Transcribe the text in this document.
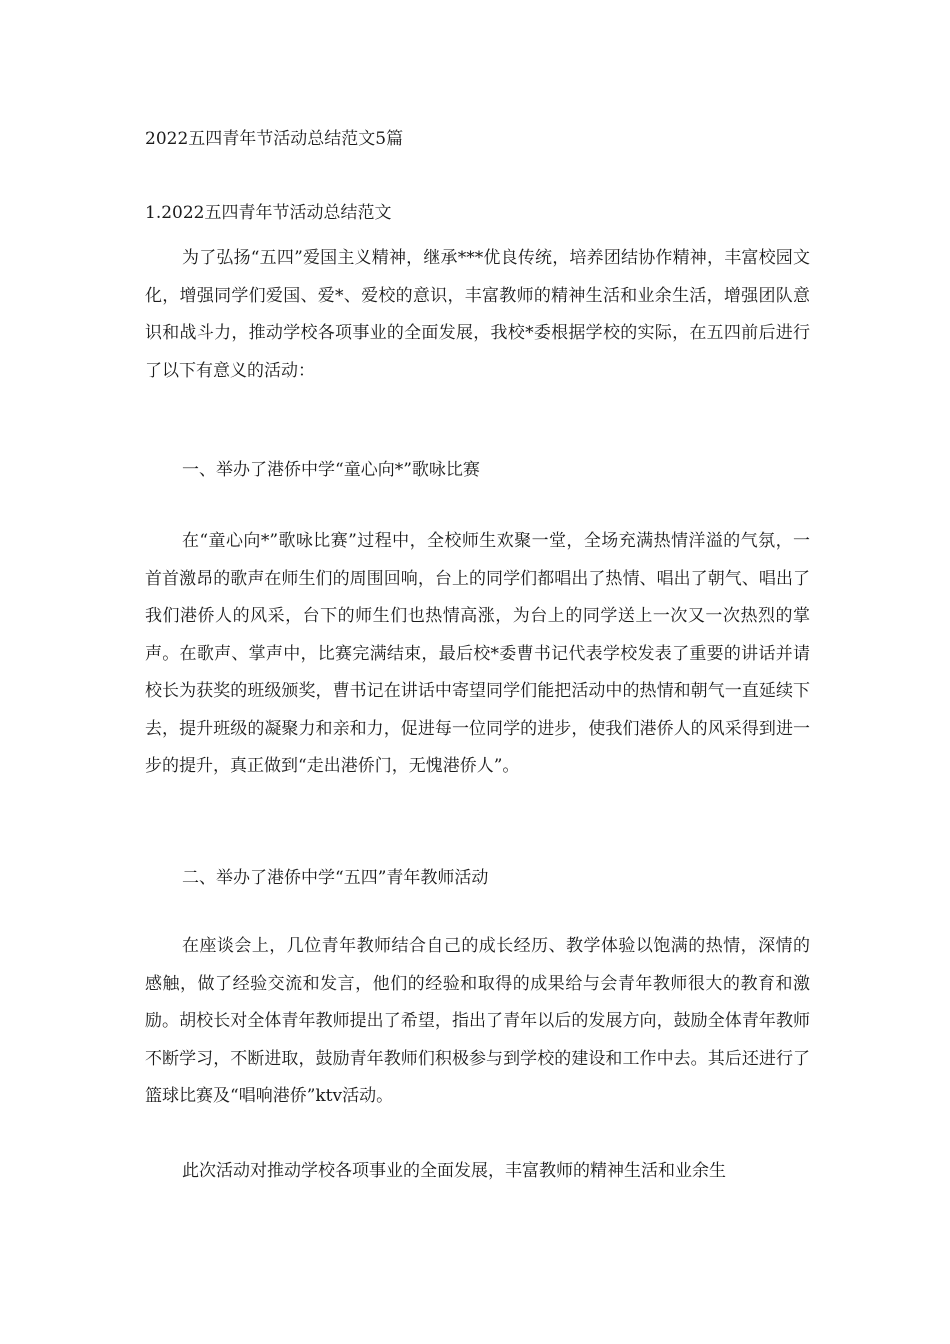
2022五四青年节活动总结范文5篇
1.2022五四青年节活动总结范文

为了弘扬“五四”爱国主义精神，继承***优良传统，培养团结协作精神，丰富校园文化，增强同学们爱国、爱*、爱校的意识，丰富教师的精神生活和业余生活，增强团队意识和战斗力，推动学校各项事业的全面发展，我校*委根据学校的实际，在五四前后进行了以下有意义的活动：

一、举办了港侨中学“童心向*”歌咏比赛

在“童心向*”歌咏比赛”过程中，全校师生欢聚一堂，全场充满热情洋溢的气氛，一首首激昂的歌声在师生们的周围回响，台上的同学们都唱出了热情、唱出了朝气、唱出了我们港侨人的风采，台下的师生们也热情高涨，为台上的同学送上一次又一次热烈的掌声。在歌声、掌声中，比赛完满结束，最后校*委曹书记代表学校发表了重要的讲话并请校长为获奖的班级颁奖，曹书记在讲话中寄望同学们能把活动中的热情和朝气一直延续下去，提升班级的凝聚力和亲和力，促进每一位同学的进步，使我们港侨人的风采得到进一步的提升，真正做到“走出港侨门，无愧港侨人”。

二、举办了港侨中学“五四”青年教师活动

在座谈会上，几位青年教师结合自己的成长经历、教学体验以饱满的热情，深情的感触，做了经验交流和发言，他们的经验和取得的成果给与会青年教师很大的教育和激励。胡校长对全体青年教师提出了希望，指出了青年以后的发展方向，鼓励全体青年教师不断学习，不断进取，鼓励青年教师们积极参与到学校的建设和工作中去。其后还进行了篮球比赛及“唱响港侨”ktv活动。

此次活动对推动学校各项事业的全面发展，丰富教师的精神生活和业余生
